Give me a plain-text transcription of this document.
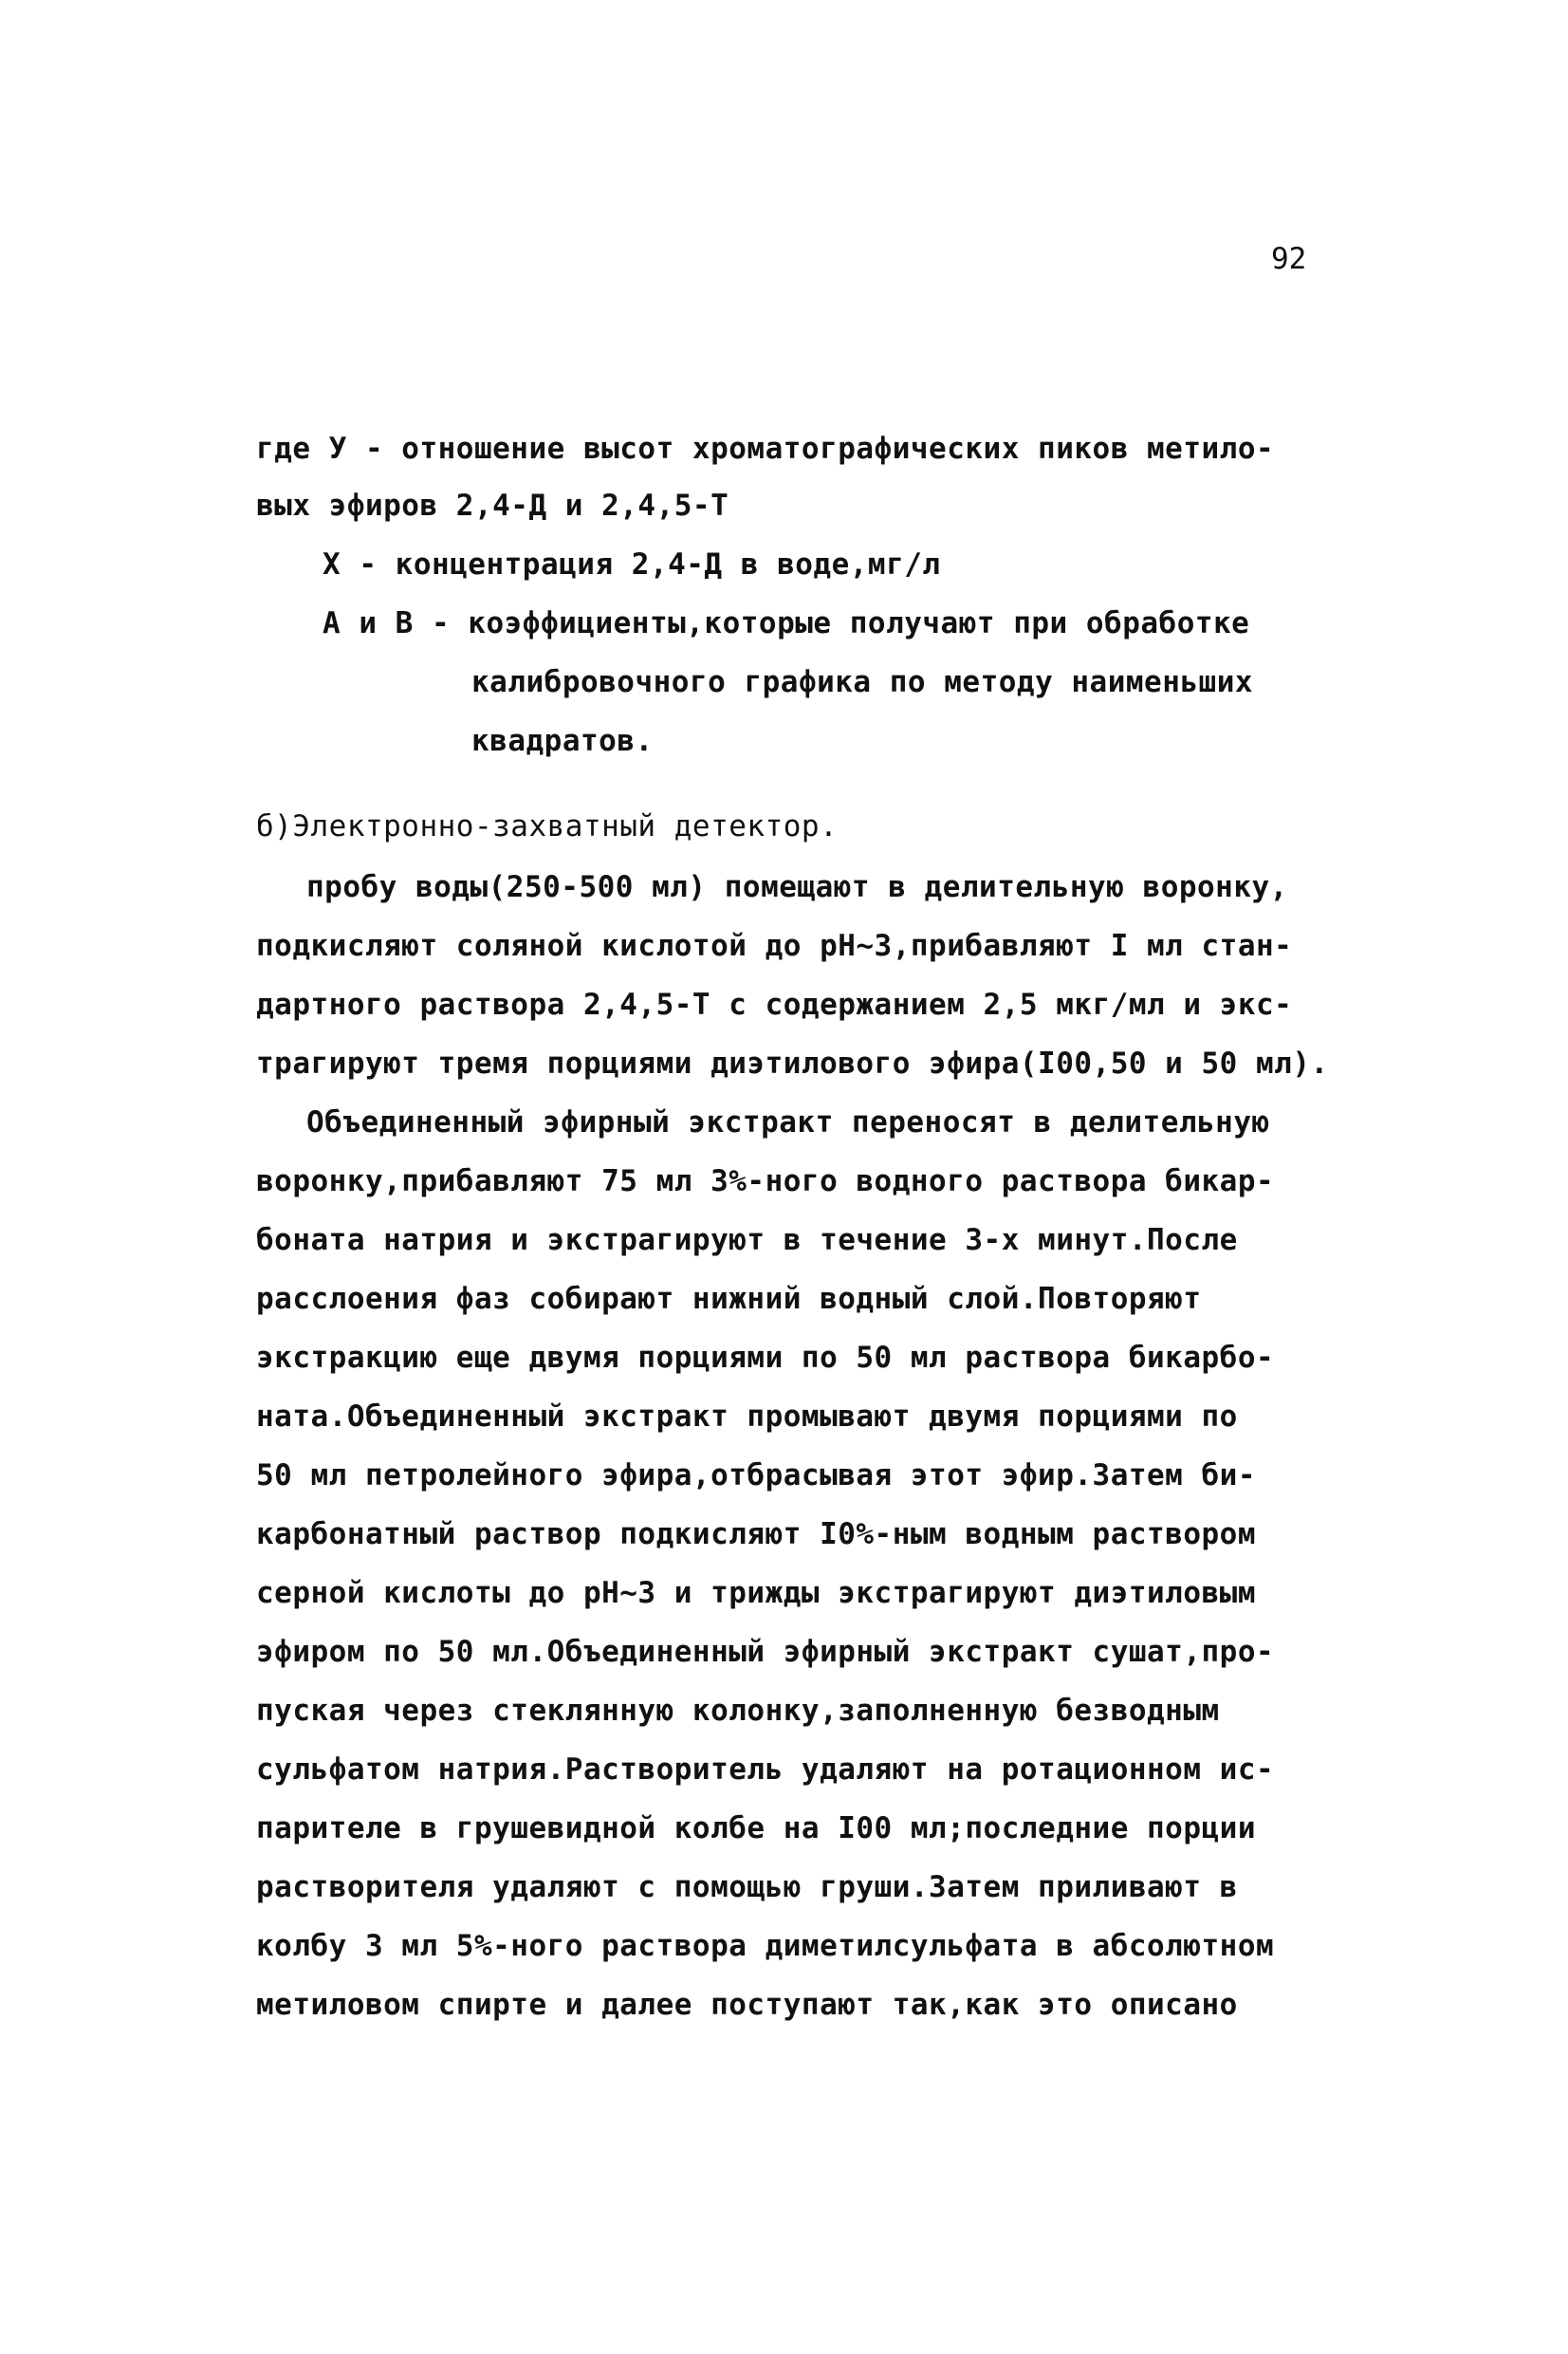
92
где У - отношение высот хроматографических пиков метило-
вых эфиров 2,4-Д и 2,4,5-Т
Х - концентрация 2,4-Д в воде,мг/л
А и В - коэффициенты,которые получают при обработке
калибровочного графика по методу наименьших
квадратов.
б)Электронно-захватный детектор.
пробу воды(250-500 мл) помещают в делительную воронку,
подкисляют соляной кислотой до рН~3,прибавляют I мл стан-
дартного раствора 2,4,5-Т с содержанием 2,5 мкг/мл и экс-
трагируют тремя порциями диэтилового эфира(I00,50 и 50 мл).
Объединенный эфирный экстракт переносят в делительную
воронку,прибавляют 75 мл 3%-ного водного раствора бикар-
боната натрия и экстрагируют в течение 3-х минут.После
расслоения фаз собирают нижний водный слой.Повторяют
экстракцию еще двумя порциями по 50 мл раствора бикарбо-
ната.Объединенный экстракт промывают двумя порциями по
50 мл петролейного эфира,отбрасывая этот эфир.Затем би-
карбонатный раствор подкисляют I0%-ным водным раствором
серной кислоты до рН~3 и трижды экстрагируют диэтиловым
эфиром по 50 мл.Объединенный эфирный экстракт сушат,про-
пуская через стеклянную колонку,заполненную безводным
сульфатом натрия.Растворитель удаляют на ротационном ис-
парителе в грушевидной колбе на I00 мл;последние порции
растворителя удаляют с помощью груши.Затем приливают в
колбу 3 мл 5%-ного раствора диметилсульфата в абсолютном
метиловом спирте и далее поступают так,как это описано
